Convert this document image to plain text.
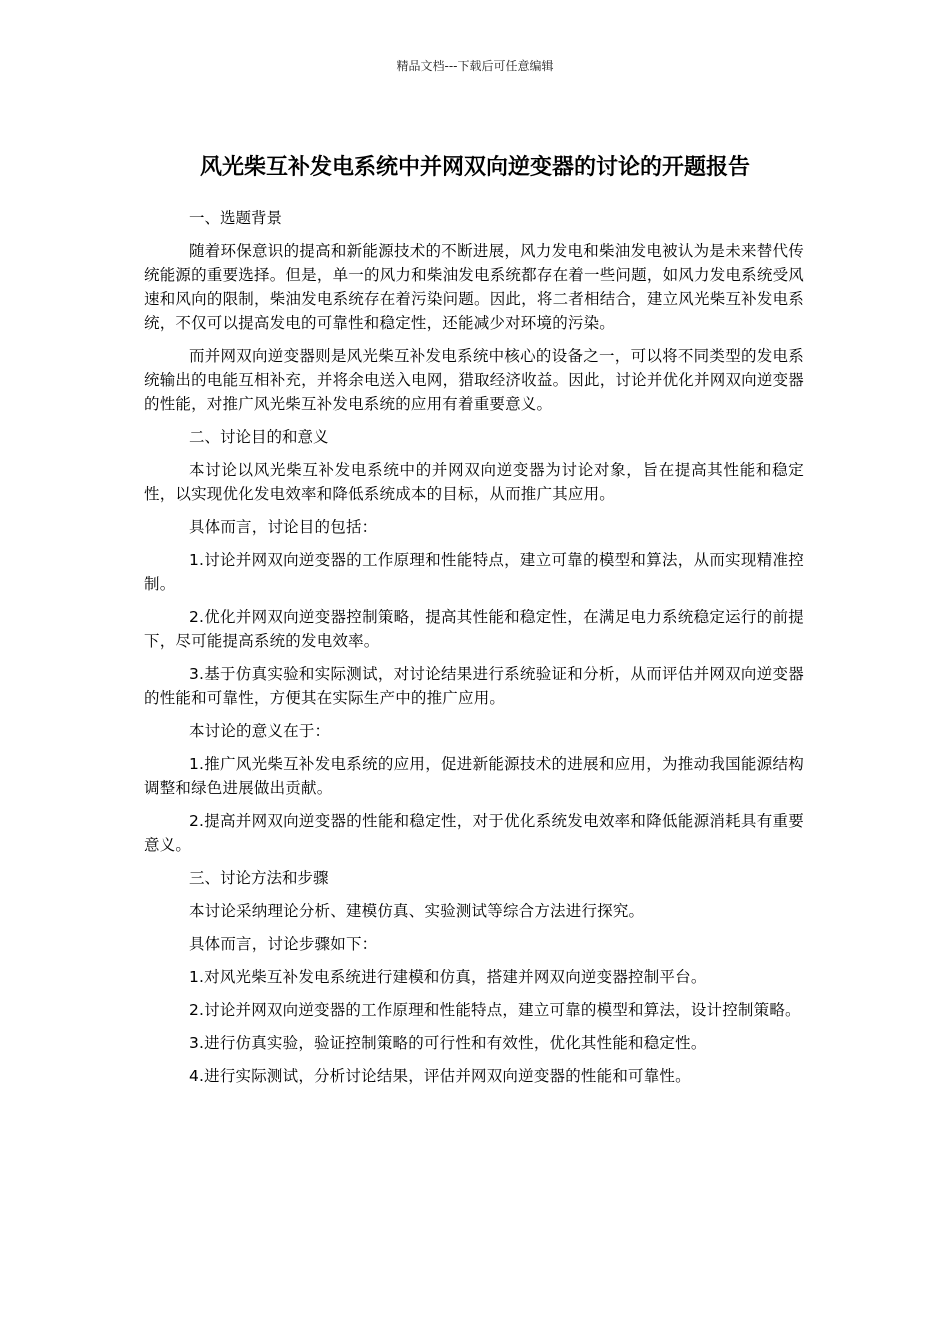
精品文档---下载后可任意编辑
风光柴互补发电系统中并网双向逆变器的讨论的开题报告

一、选题背景

随着环保意识的提高和新能源技术的不断进展，风力发电和柴油发电被认为是未来替代传统能源的重要选择。但是，单一的风力和柴油发电系统都存在着一些问题，如风力发电系统受风速和风向的限制，柴油发电系统存在着污染问题。因此，将二者相结合，建立风光柴互补发电系统，不仅可以提高发电的可靠性和稳定性，还能减少对环境的污染。

而并网双向逆变器则是风光柴互补发电系统中核心的设备之一，可以将不同类型的发电系统输出的电能互相补充，并将余电送入电网，猎取经济收益。因此，讨论并优化并网双向逆变器的性能，对推广风光柴互补发电系统的应用有着重要意义。

二、讨论目的和意义

本讨论以风光柴互补发电系统中的并网双向逆变器为讨论对象，旨在提高其性能和稳定性，以实现优化发电效率和降低系统成本的目标，从而推广其应用。

具体而言，讨论目的包括：

1.讨论并网双向逆变器的工作原理和性能特点，建立可靠的模型和算法，从而实现精准控制。

2.优化并网双向逆变器控制策略，提高其性能和稳定性，在满足电力系统稳定运行的前提下，尽可能提高系统的发电效率。

3.基于仿真实验和实际测试，对讨论结果进行系统验证和分析，从而评估并网双向逆变器的性能和可靠性，方便其在实际生产中的推广应用。

本讨论的意义在于：

1.推广风光柴互补发电系统的应用，促进新能源技术的进展和应用，为推动我国能源结构调整和绿色进展做出贡献。

2.提高并网双向逆变器的性能和稳定性，对于优化系统发电效率和降低能源消耗具有重要意义。

三、讨论方法和步骤

本讨论采纳理论分析、建模仿真、实验测试等综合方法进行探究。

具体而言，讨论步骤如下：

1.对风光柴互补发电系统进行建模和仿真，搭建并网双向逆变器控制平台。

2.讨论并网双向逆变器的工作原理和性能特点，建立可靠的模型和算法，设计控制策略。

3.进行仿真实验，验证控制策略的可行性和有效性，优化其性能和稳定性。

4.进行实际测试，分析讨论结果，评估并网双向逆变器的性能和可靠性。
